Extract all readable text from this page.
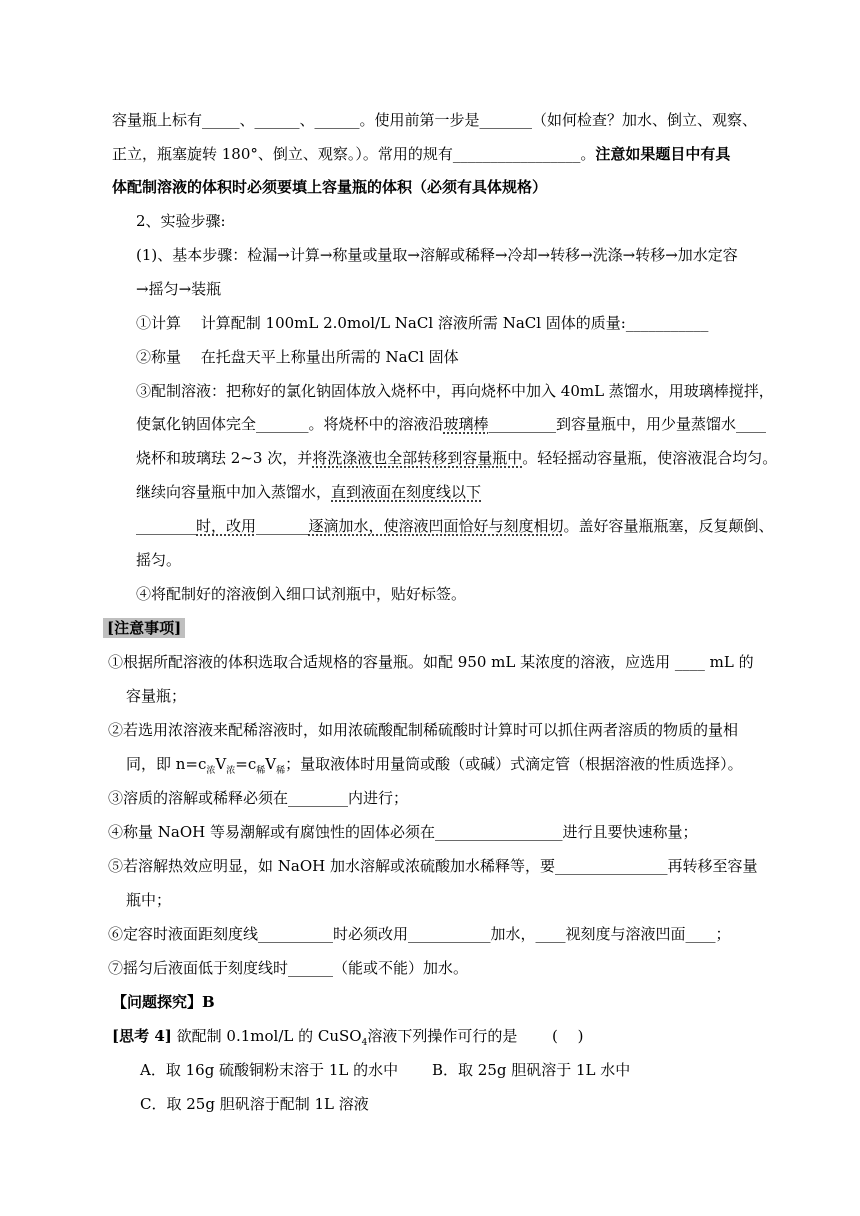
容量瓶上标有_____、______、______。使用前第一步是_______（如何检查？加水、倒立、观察、
正立，瓶塞旋转 180°、倒立、观察。）。常用的规有_________________。注意如果题目中有具
体配制溶液的体积时必须要填上容量瓶的体积（必须有具体规格）
2、实验步骤:
(1)、基本步骤：检漏→计算→称量或量取→溶解或稀释→冷却→转移→洗涤→转移→加水定容
→摇匀→装瓶
①计算　 计算配制 100mL 2.0mol/L NaCl 溶液所需 NaCl 固体的质量:___________
②称量　 在托盘天平上称量出所需的 NaCl 固体
③配制溶液：把称好的氯化钠固体放入烧杯中，再向烧杯中加入 40mL 蒸馏水，用玻璃棒搅拌，
使氯化钠固体完全_______。将烧杯中的溶液沿玻璃棒_________到容量瓶中，用少量蒸馏水____
烧杯和玻璃珐 2~3 次，并将洗涤液也全部转移到容量瓶中。轻轻摇动容量瓶，使溶液混合均匀。
继续向容量瓶中加入蒸馏水，直到液面在刻度线以下
________时，改用_______逐滴加水，使溶液凹面恰好与刻度相切。盖好容量瓶瓶塞，反复颠倒、
摇匀。
④将配制好的溶液倒入细口试剂瓶中，贴好标签。
[注意事项]
①根据所配溶液的体积选取合适规格的容量瓶。如配 950 mL 某浓度的溶液，应选用 ____ mL 的
容量瓶；
②若选用浓溶液来配稀溶液时，如用浓硫酸配制稀硫酸时计算时可以抓住两者溶质的物质的量相
同，即 $n=c_浓V_浓=c_稀V_稀$；量取液体时用量筒或酸（或碱）式滴定管（根据溶液的性质选择）。
③溶质的溶解或稀释必须在________内进行；
④称量 NaOH 等易潮解或有腐蚀性的固体必须在_________________进行且要快速称量；
⑤若溶解热效应明显，如 NaOH 加水溶解或浓硫酸加水稀释等，要_______________再转移至容量
瓶中；
⑥定容时液面距刻度线__________时必须改用___________加水，____视刻度与溶液凹面____；
⑦摇匀后液面低于刻度线时______（能或不能）加水。
【问题探究】B
[思考 4] 欲配制 0.1mol/L 的 CuSO$_4$溶液下列操作可行的是 (　 )
A．取 16g 硫酸铜粉末溶于 1L 的水中 B．取 25g 胆矾溶于 1L 水中
C．取 25g 胆矾溶于配制 1L 溶液
